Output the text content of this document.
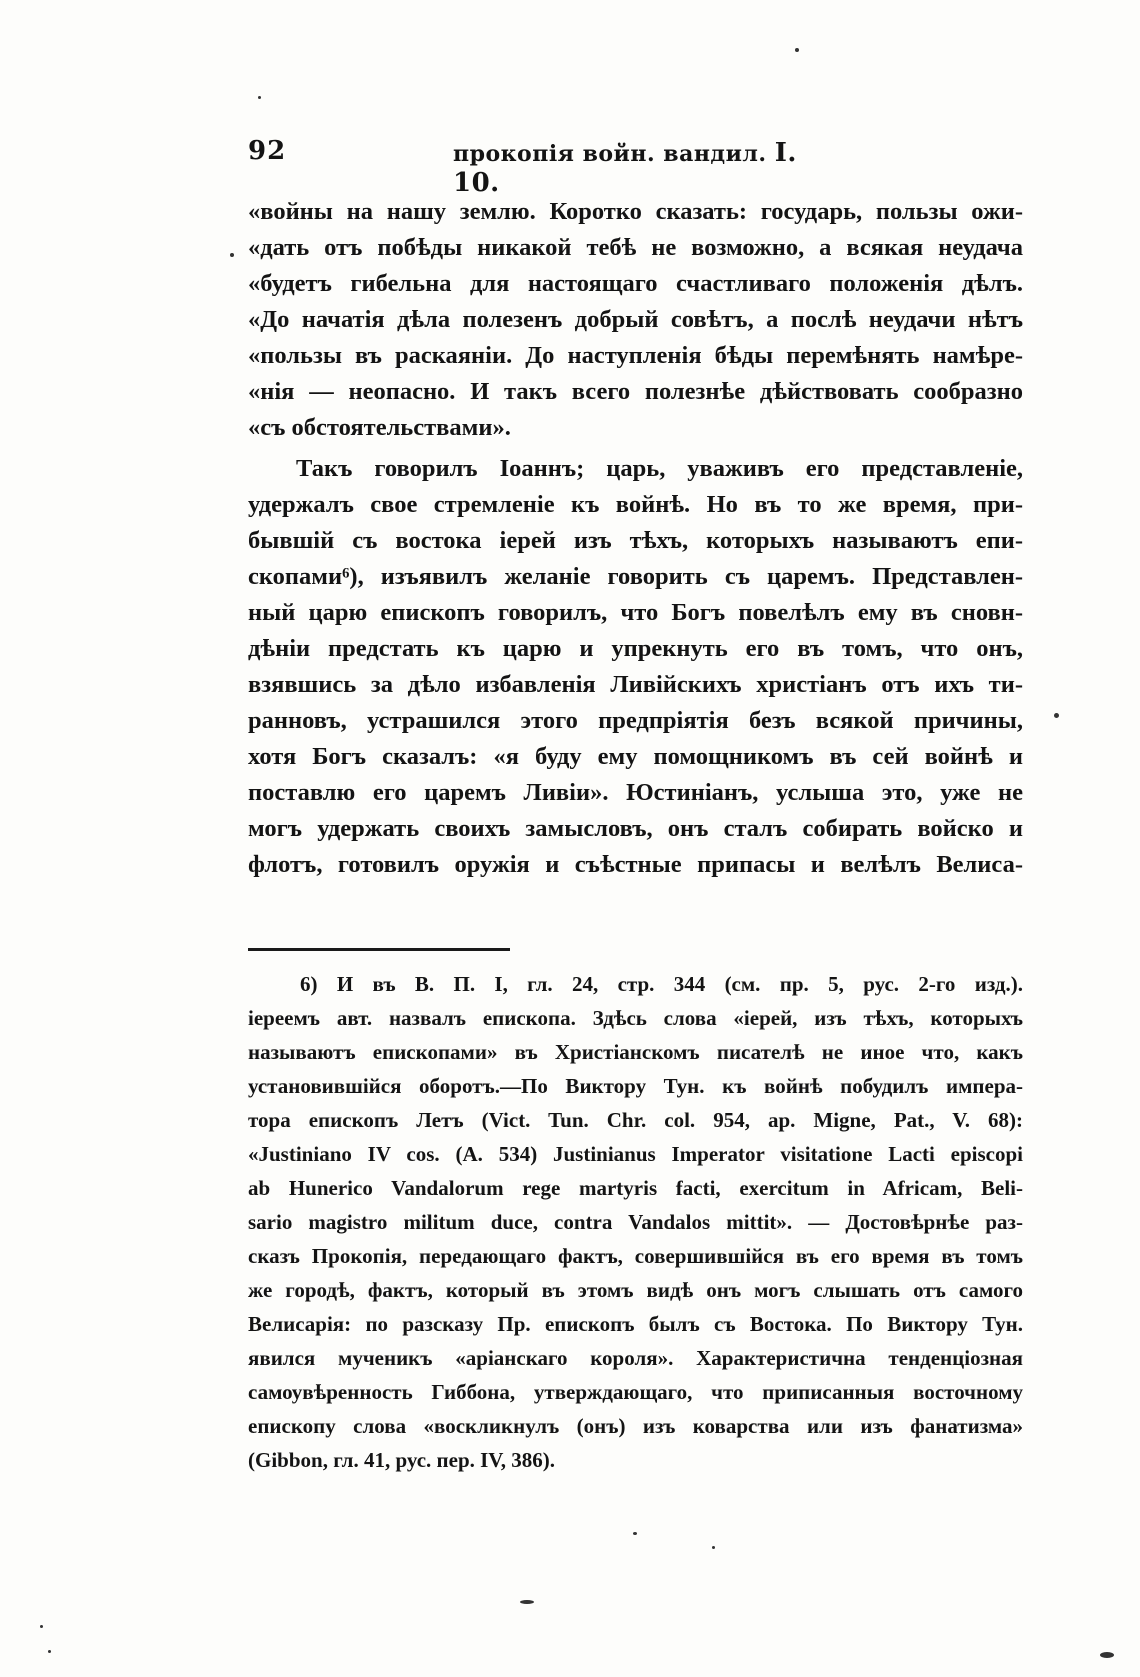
92	прокопія войн. вандил. I. 10.
«войны на нашу землю. Коротко сказать: государь, пользы ожи-
«дать отъ побѣды никакой тебѣ не возможно, а всякая неудача
«будетъ гибельна для настоящаго счастливаго положенія дѣлъ.
«До начатія дѣла полезенъ добрый совѣтъ, а послѣ неудачи нѣтъ
«пользы въ раскаяніи. До наступленія бѣды перемѣнять намѣре-
«нія — неопасно. И такъ всего полезнѣе дѣйствовать сообразно
«съ обстоятельствами».
Такъ говорилъ Іоаннъ; царь, уваживъ его представленіе,
удержалъ свое стремленіе къ войнѣ. Но въ то же время, при-
бывшій съ востока іерей изъ тѣхъ, которыхъ называютъ епи-
скопами⁶), изъявилъ желаніе говорить съ царемъ. Представлен-
ный царю епископъ говорилъ, что Богъ повелѣлъ ему въ сновн-
дѣніи предстать къ царю и упрекнуть его въ томъ, что онъ,
взявшись за дѣло избавленія Ливійскихъ христіанъ отъ ихъ ти-
ранновъ, устрашился этого предпріятія безъ всякой причины,
хотя Богъ сказалъ: «я буду ему помощникомъ въ сей войнѣ и
поставлю его царемъ Ливіи». Юстиніанъ, услыша это, уже не
могъ удержать своихъ замысловъ, онъ сталъ собирать войско и
флотъ, готовилъ оружія и съѣстные припасы и велѣлъ Велиса-
6) И въ В. П. I, гл. 24, стр. 344 (см. пр. 5, рус. 2-го изд.).
іереемъ авт. назвалъ епископа. Здѣсь слова «іерей, изъ тѣхъ, которыхъ
называютъ епископами» въ Христіанскомъ писателѣ не иное что, какъ
установившійся оборотъ.—По Виктору Тун. къ войнѣ побудилъ импера-
тора епископъ Летъ (Vict. Tun. Chr. col. 954, ap. Migne, Pat., V. 68):
«Justiniano IV cos. (A. 534) Justinianus Imperator visitatione Lacti episcopi
ab Hunerico Vandalorum rege martyris facti, exercitum in Africam, Beli-
sario magistro militum duce, contra Vandalos mittit». — Достовѣрнѣе раз-
сказъ Прокопія, передающаго фактъ, совершившійся въ его время въ томъ
же городѣ, фактъ, который въ этомъ видѣ онъ могъ слышать отъ самого
Велисарія: по разсказу Пр. епископъ былъ съ Востока. По Виктору Тун.
явился мученикъ «аріанскаго короля». Характеристична тенденціозная
самоувѣренность Гиббона, утверждающаго, что приписанныя восточному
епископу слова «воскликнулъ (онъ) изъ коварства или изъ фанатизма»
(Gibbon, гл. 41, рус. пер. IV, 386).
